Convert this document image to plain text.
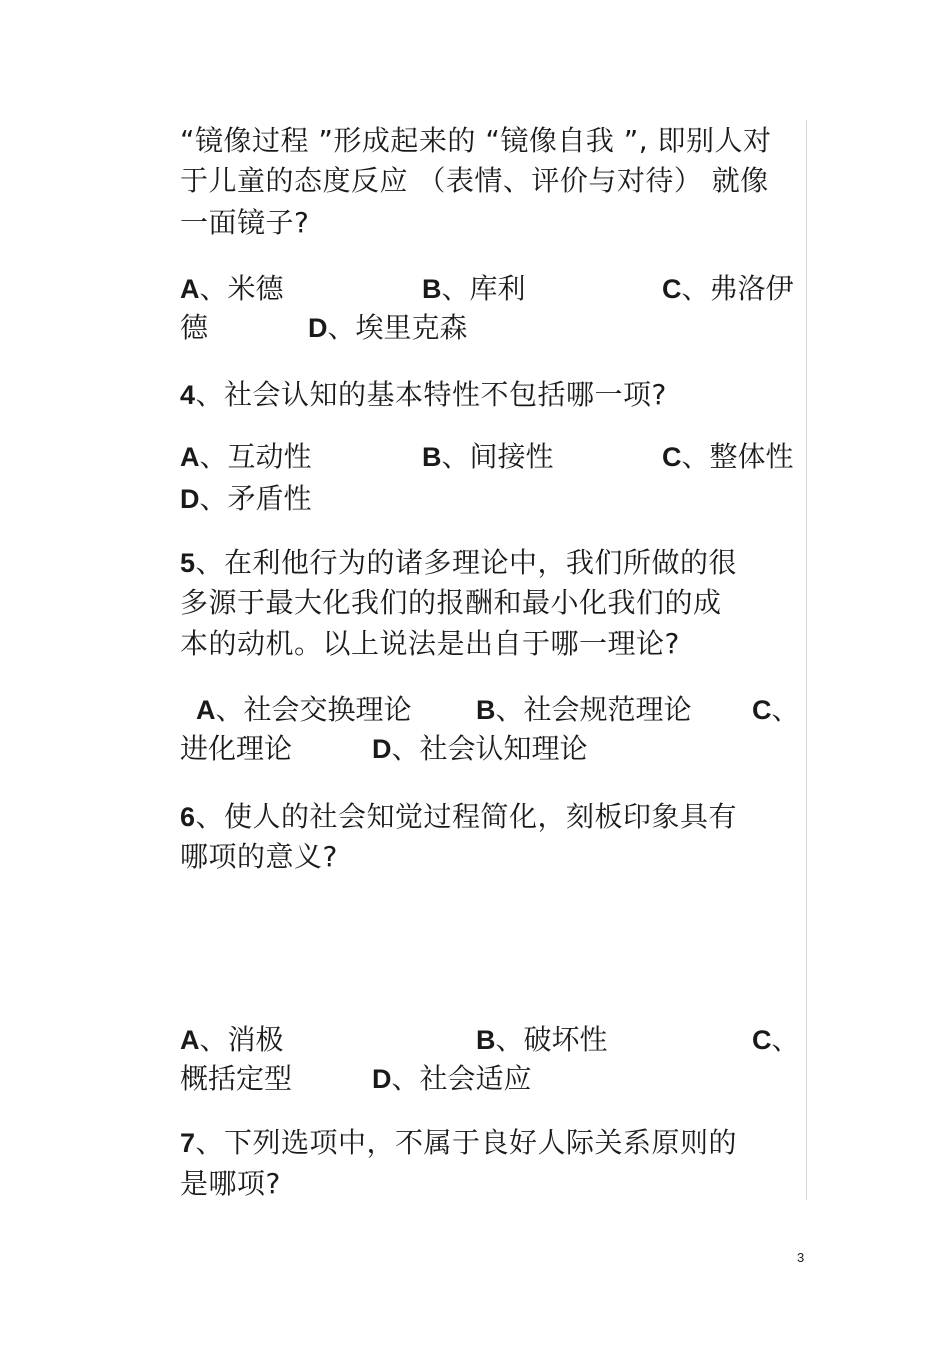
“镜像过程 ”形成起来的 “镜像自我 ”, 即别人对
于儿童的态度反应 （表情、评价与对待） 就像
一面镜子?
A、米德	B、库利	C、弗洛伊
德	D、埃里克森
4、社会认知的基本特性不包括哪一项?
A、互动性	B、间接性	C、整体性
D、矛盾性
5、在利他行为的诸多理论中，我们所做的很
多源于最大化我们的报酬和最小化我们的成
本的动机。以上说法是出自于哪一理论?
A、社会交换理论 B、社会规范理论 C、
进化理论	D、社会认知理论
6、使人的社会知觉过程简化，刻板印象具有
哪项的意义?
A、消极	B、破坏性	C、
概括定型	D、社会适应
7、下列选项中，不属于良好人际关系原则的
是哪项?
3
